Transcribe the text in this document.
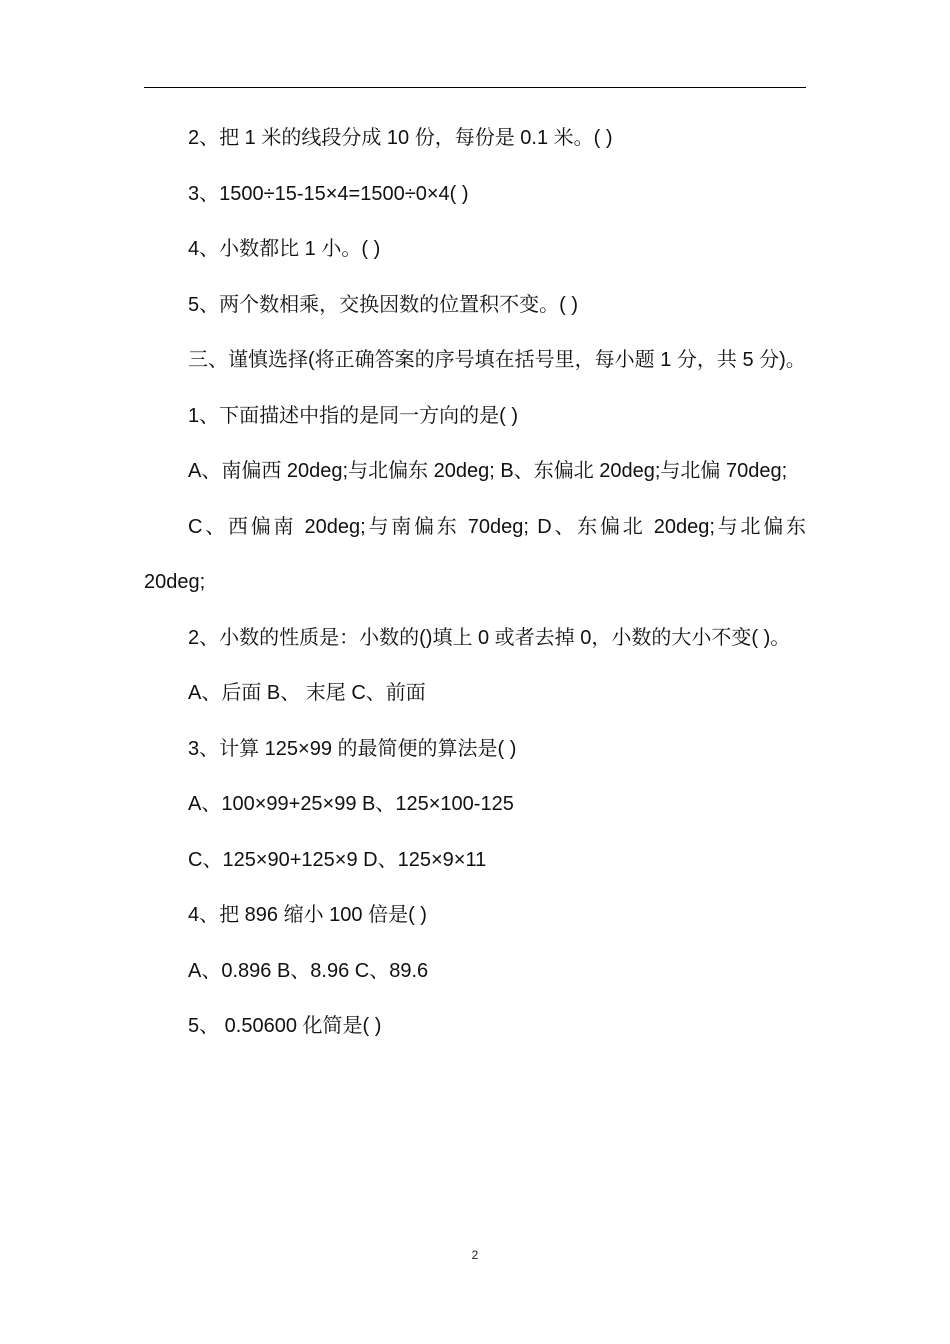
2、把 1 米的线段分成 10 份，每份是 0.1 米。( )

3、1500÷15-15×4=1500÷0×4( )

4、小数都比 1 小。( )

5、两个数相乘，交换因数的位置积不变。( )

三、谨慎选择(将正确答案的序号填在括号里，每小题 1 分，共 5 分)。

1、下面描述中指的是同一方向的是( )

A、南偏西 20deg;与北偏东 20deg; B、东偏北 20deg;与北偏 70deg;

C、西偏南 20deg;与南偏东 70deg; D、东偏北 20deg;与北偏东 20deg;

2、小数的性质是：小数的()填上 0 或者去掉 0，小数的大小不变( )。

A、后面 B、 末尾 C、前面

3、计算 125×99 的最简便的算法是( )

A、100×99+25×99 B、125×100-125

C、125×90+125×9 D、125×9×11

4、把 896 缩小 100 倍是( )

A、0.896 B、8.96 C、89.6

5、 0.50600 化简是( )

2
